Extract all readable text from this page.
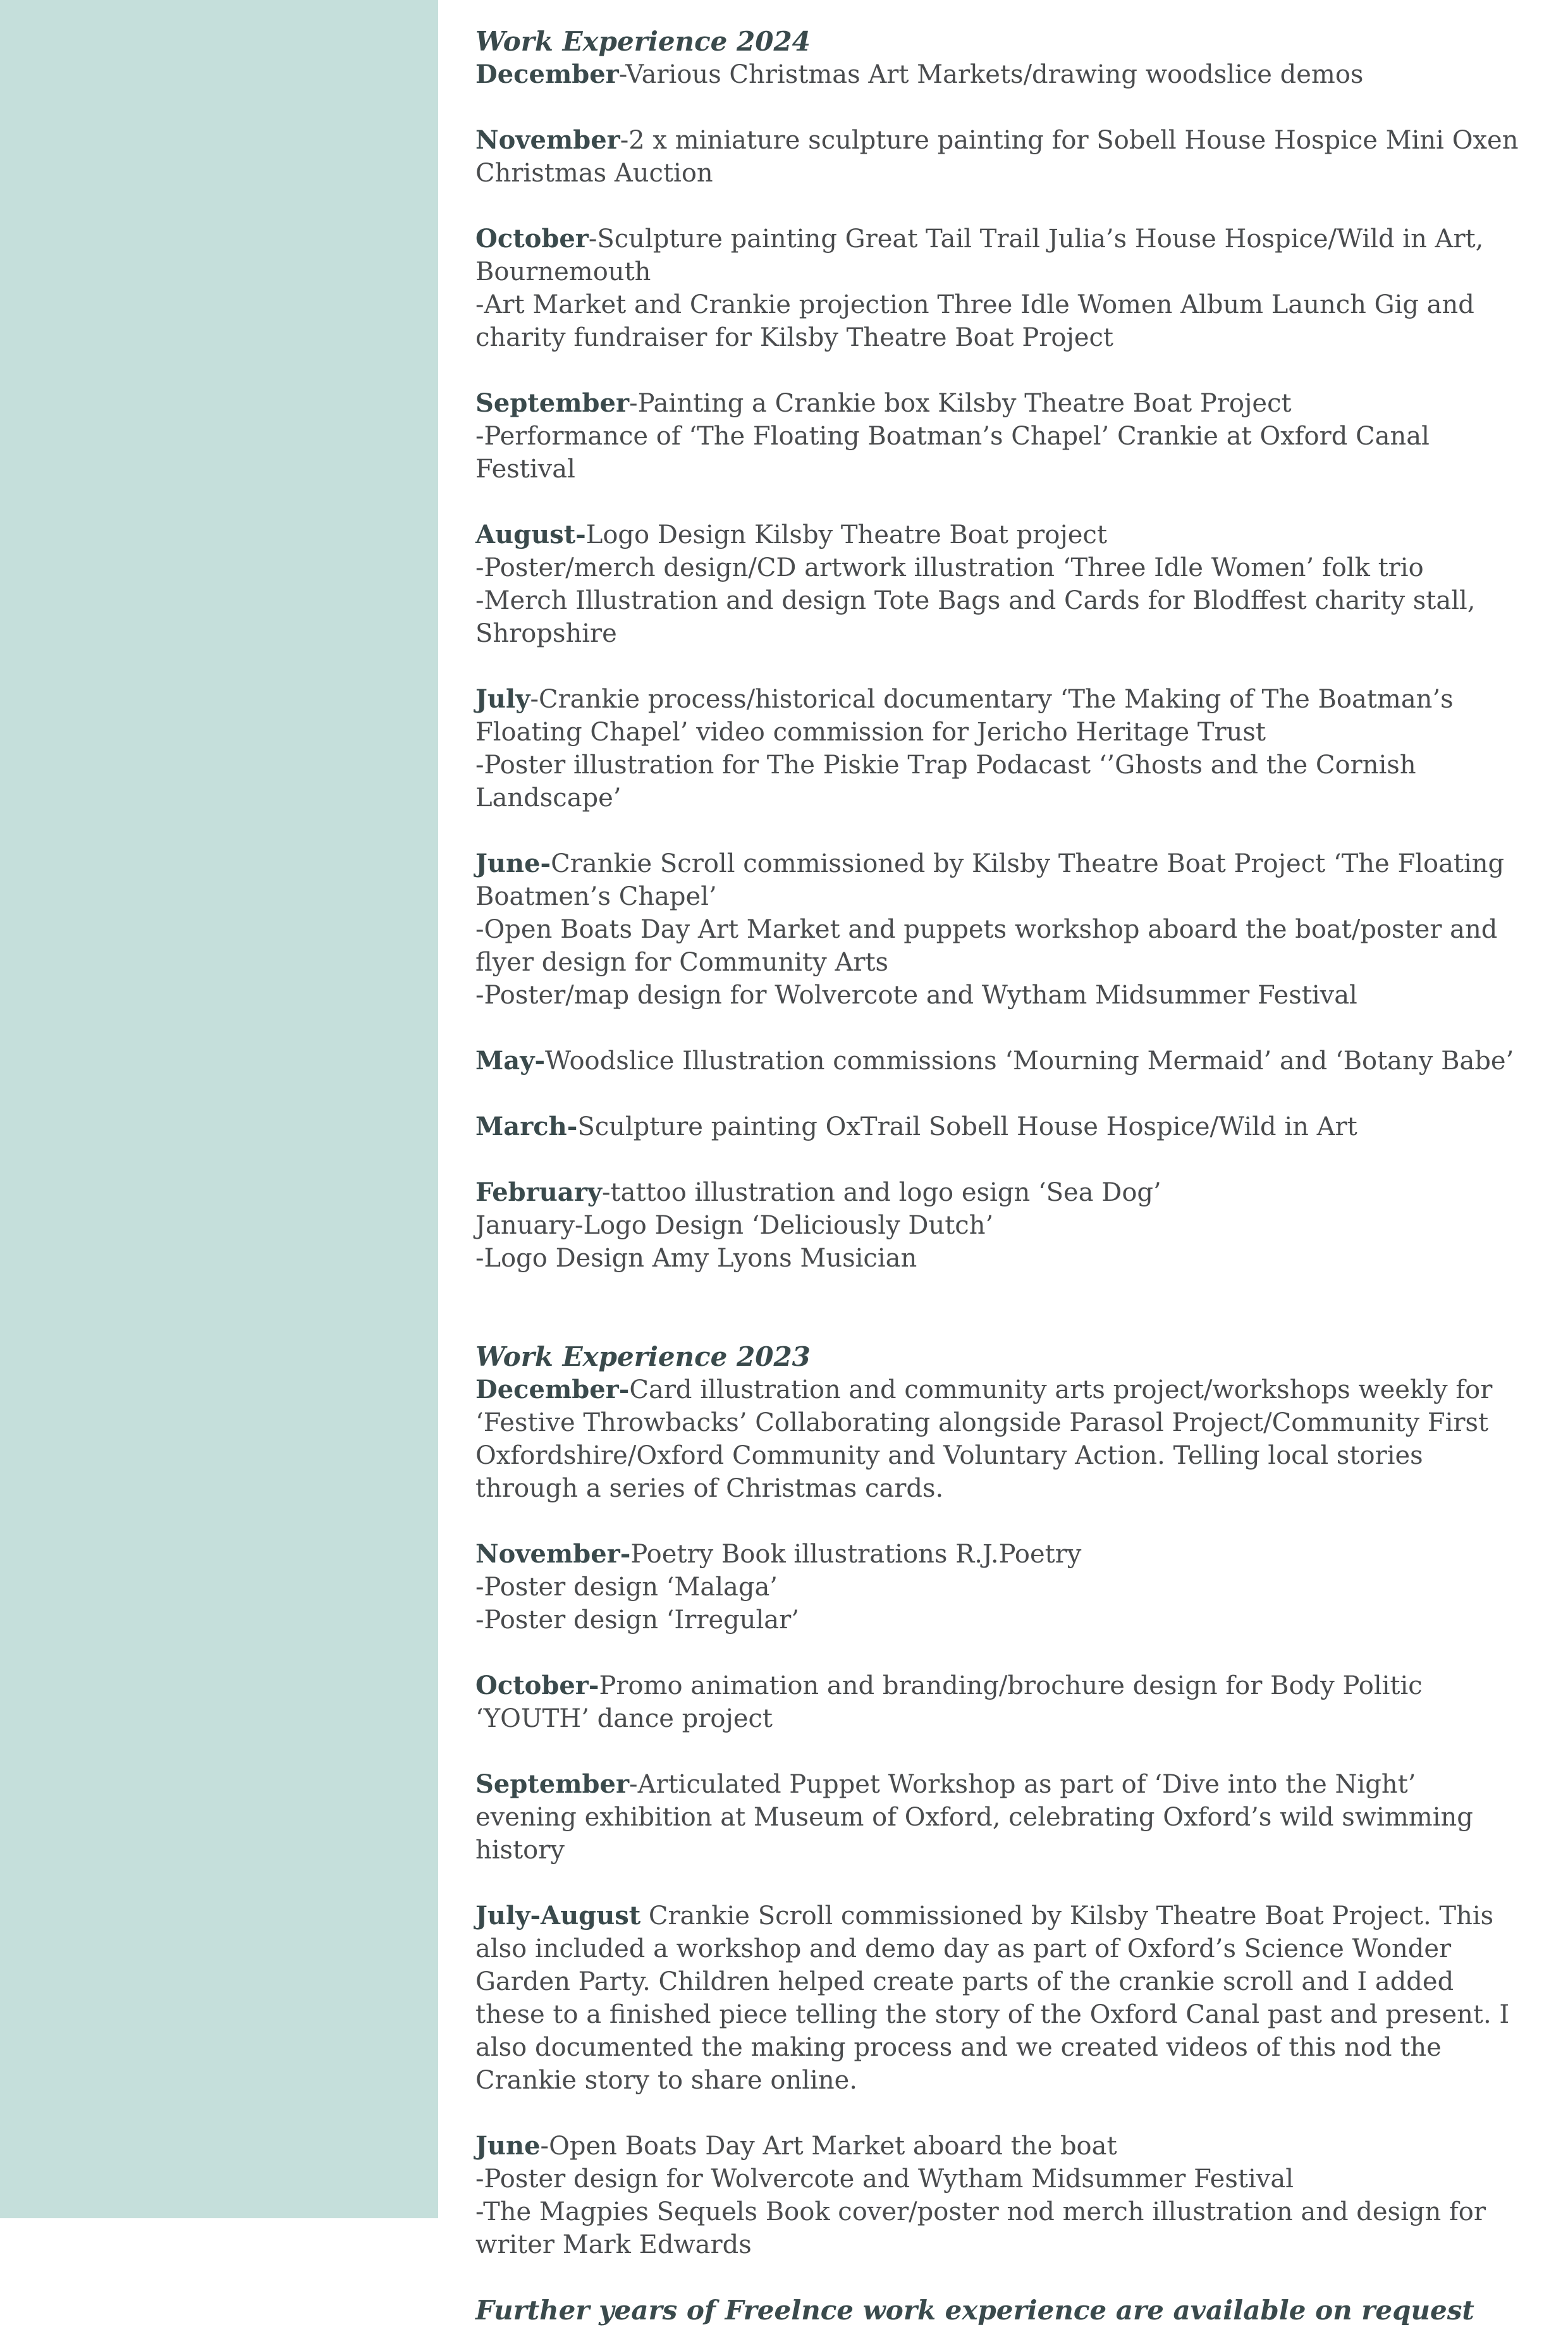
Work Experience 2024

December-Various Christmas Art Markets/drawing woodslice demos
November-2 x miniature sculpture painting for Sobell House Hospice Mini Oxen Christmas Auction
October-Sculpture painting Great Tail Trail Julia’s House Hospice/Wild in Art, Bournemouth
-Art Market and Crankie projection Three Idle Women Album Launch Gig and charity fundraiser for Kilsby Theatre Boat Project
September-Painting a Crankie box Kilsby Theatre Boat Project
-Performance of ‘The Floating Boatman’s Chapel’ Crankie at Oxford Canal Festival
August-Logo Design Kilsby Theatre Boat project
-Poster/merch design/CD artwork illustration ‘Three Idle Women’ folk trio
-Merch Illustration and design Tote Bags and Cards for Blodffest charity stall, Shropshire
July-Crankie process/historical documentary ‘The Making of The Boatman’s Floating Chapel’ video commission for Jericho Heritage Trust
-Poster illustration for The Piskie Trap Podacast ‘’Ghosts and the Cornish Landscape’
June-Crankie Scroll commissioned by Kilsby Theatre Boat Project ‘The Floating Boatmen’s Chapel’
-Open Boats Day Art Market and puppets workshop aboard the boat/poster and flyer design for Community Arts
-Poster/map design for Wolvercote and Wytham Midsummer Festival
May-Woodslice Illustration commissions ‘Mourning Mermaid’ and ‘Botany Babe’
March-Sculpture painting OxTrail Sobell House Hospice/Wild in Art
February-tattoo illustration and logo esign ‘Sea Dog’
January-Logo Design ‘Deliciously Dutch’
-Logo Design Amy Lyons Musician

Work Experience 2023

December-Card illustration and community arts project/workshops weekly for ‘Festive Throwbacks’ Collaborating alongside Parasol Project/Community First Oxfordshire/Oxford Community and Voluntary Action. Telling local stories through a series of Christmas cards.
November-Poetry Book illustrations R.J.Poetry
-Poster design ‘Malaga’
-Poster design ‘Irregular’
October-Promo animation and branding/brochure design for Body Politic ‘YOUTH’ dance project
September-Articulated Puppet Workshop as part of ‘Dive into the Night’ evening exhibition at Museum of Oxford, celebrating Oxford’s wild swimming history
July-August Crankie Scroll commissioned by Kilsby Theatre Boat Project. This also included a workshop and demo day as part of Oxford’s Science Wonder Garden Party. Children helped create parts of the crankie scroll and I added these to a finished piece telling the story of the Oxford Canal past and present. I also documented the making process and we created videos of this nod the Crankie story to share online.
June-Open Boats Day Art Market aboard the boat
-Poster design for Wolvercote and Wytham Midsummer Festival
-The Magpies Sequels Book cover/poster nod merch illustration and design for writer Mark Edwards

Further years of Freelnce work experience are available on request
